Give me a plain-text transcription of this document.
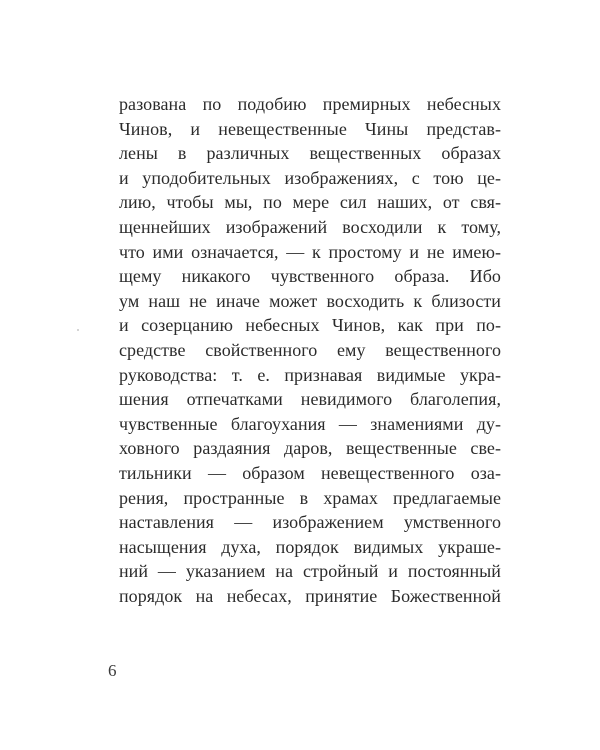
разована по подобию премирных небесных
Чинов, и невещественные Чины представ-
лены в различных вещественных образах
и уподобительных изображениях, с тою це-
лию, чтобы мы, по мере сил наших, от свя-
щеннейших изображений восходили к тому,
что ими означается, — к простому и не имею-
щему никакого чувственного образа. Ибо
ум наш не иначе может восходить к близости
и созерцанию небесных Чинов, как при по-
средстве свойственного ему вещественного
руководства: т. е. признавая видимые укра-
шения отпечатками невидимого благолепия,
чувственные благоухания — знамениями ду-
ховного раздаяния даров, вещественные све-
тильники — образом невещественного оза-
рения, пространные в храмах предлагаемые
наставления — изображением умственного
насыщения духа, порядок видимых украше-
ний — указанием на стройный и постоянный
порядок на небесах, принятие Божественной
6
